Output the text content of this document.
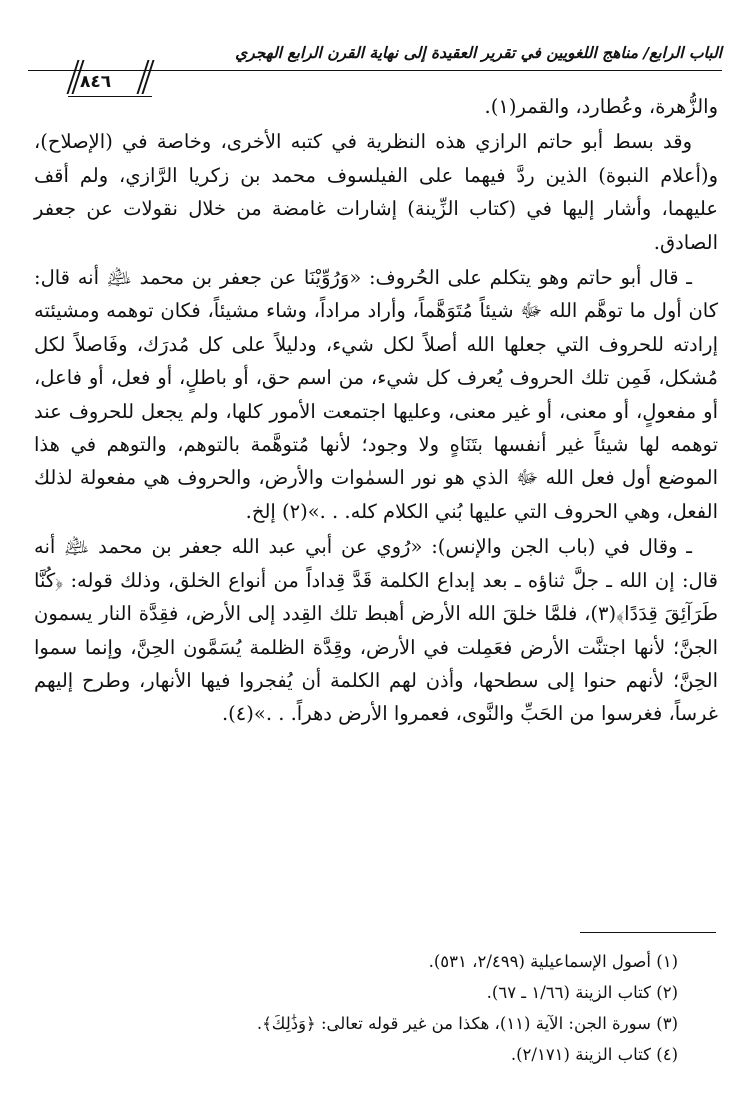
الباب الرابع/ مناهج اللغويين في تقرير العقيدة إلى نهاية القرن الرابع الهجري
٨٤٦

والزُّهرة، وعُطارد، والقمر(١).

وقد بسط أبو حاتم الرازي هذه النظرية في كتبه الأخرى، وخاصة في (الإصلاح)، و(أعلام النبوة) الذين ردَّ فيهما على الفيلسوف محمد بن زكريا الرَّازي، ولم أقف عليهما، وأشار إليها في (كتاب الزِّينة) إشارات غامضة من خلال نقولات عن جعفر الصادق.

ـ قال أبو حاتم وهو يتكلم على الحُروف: «وَرُوِّيْنَا عن جعفر بن محمد ﵇ أنه قال: كان أول ما توهَّم الله ﷻ شيئاً مُتَوَهَّماً، وأراد مراداً، وشاء مشيئاً، فكان توهمه ومشيئته إرادته للحروف التي جعلها الله أصلاً لكل شيء، ودليلاً على كل مُدرَك، وفَاصلاً لكل مُشكل، فَمِن تلك الحروف يُعرف كل شيء، من اسم حق، أو باطلٍ، أو فعل، أو فاعل، أو مفعولٍ، أو معنى، أو غير معنى، وعليها اجتمعت الأمور كلها، ولم يجعل للحروف عند توهمه لها شيئاً غير أنفسها بتَنَاهٍ ولا وجود؛ لأنها مُتوهَّمة بالتوهم، والتوهم في هذا الموضع أول فعل الله ﷻ الذي هو نور السمٰوات والأرض، والحروف هي مفعولة لذلك الفعل، وهي الحروف التي عليها بُني الكلام كله. . .»(٢) إلخ.

ـ وقال في (باب الجن والإنس): «رُوي عن أبي عبد الله جعفر بن محمد ﵇ أنه قال: إن الله ـ جلَّ ثناؤه ـ بعد إبداع الكلمة قَدَّ قِداداً من أنواع الخلق، وذلك قوله: ﴿كُنَّا طَرَآئِقَ قِدَدًا﴾(٣)، فلمَّا خلقَ الله الأرض أهبط تلك القِدد إلى الأرض، فقِدَّة النار يسمون الجنَّ؛ لأنها اجتنَّت الأرض فعَمِلت في الأرض، وقِدَّة الظلمة يُسَمَّون الحِنَّ، وإنما سموا الحِنَّ؛ لأنهم حنوا إلى سطحها، وأذن لهم الكلمة أن يُفجروا فيها الأنهار، وطرح إليهم غرساً، فغرسوا من الحَبِّ والنَّوى، فعمروا الأرض دهراً. . .»(٤).

(١) أصول الإسماعيلية (٢/٤٩٩، ٥٣١).
(٢) كتاب الزينة (١/٦٦ ـ ٦٧).
(٣) سورة الجن: الآية (١١)، هكذا من غير قوله تعالى: ﴿وَذَٰلِكَ﴾.
(٤) كتاب الزينة (٢/١٧١).
